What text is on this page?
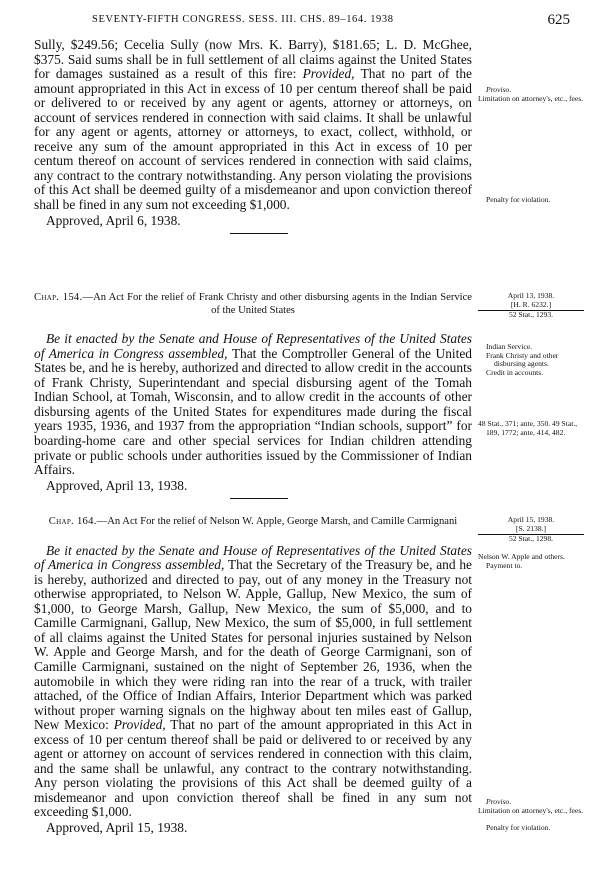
SEVENTY-FIFTH CONGRESS. SESS. III. CHS. 89–164. 1938	625

Sully, $249.56; Cecelia Sully (now Mrs. K. Barry), $181.65; L. D. McGhee, $375. Said sums shall be in full settlement of all claims against the United States for damages sustained as a result of this fire: Provided, That no part of the amount appropriated in this Act in excess of 10 per centum thereof shall be paid or delivered to or received by any agent or agents, attorney or attorneys, on account of services rendered in connection with said claims. It shall be unlawful for any agent or agents, attorney or attorneys, to exact, collect, withhold, or receive any sum of the amount appropriated in this Act in excess of 10 per centum thereof on account of services rendered in connection with said claims, any contract to the contrary notwithstanding. Any person violating the provisions of this Act shall be deemed guilty of a misdemeanor and upon conviction thereof shall be fined in any sum not exceeding $1,000.

Approved, April 6, 1938.

Chap. 154.—An Act For the relief of Frank Christy and other disbursing agents in the Indian Service of the United States

Be it enacted by the Senate and House of Representatives of the United States of America in Congress assembled, That the Comptroller General of the United States be, and he is hereby, authorized and directed to allow credit in the accounts of Frank Christy, Superintendant and special disbursing agent of the Tomah Indian School, at Tomah, Wisconsin, and to allow credit in the accounts of other disbursing agents of the United States for expenditures made during the fiscal years 1935, 1936, and 1937 from the appropriation “Indian schools, support” for boarding-home care and other special services for Indian children attending private or public schools under authorities issued by the Commissioner of Indian Affairs.

Approved, April 13, 1938.

Chap. 164.—An Act For the relief of Nelson W. Apple, George Marsh, and Camille Carmignani

Be it enacted by the Senate and House of Representatives of the United States of America in Congress assembled, That the Secretary of the Treasury be, and he is hereby, authorized and directed to pay, out of any money in the Treasury not otherwise appropriated, to Nelson W. Apple, Gallup, New Mexico, the sum of $1,000, to George Marsh, Gallup, New Mexico, the sum of $5,000, and to Camille Carmignani, Gallup, New Mexico, the sum of $5,000, in full settlement of all claims against the United States for personal injuries sustained by Nelson W. Apple and George Marsh, and for the death of George Carmignani, son of Camille Carmignani, sustained on the night of September 26, 1936, when the automobile in which they were riding ran into the rear of a truck, with trailer attached, of the Office of Indian Affairs, Interior Department which was parked without proper warning signals on the highway about ten miles east of Gallup, New Mexico: Provided, That no part of the amount appropriated in this Act in excess of 10 per centum thereof shall be paid or delivered to or received by any agent or attorney on account of services rendered in connection with this claim, and the same shall be unlawful, any contract to the contrary notwithstanding. Any person violating the provisions of this Act shall be deemed guilty of a misdemeanor and upon conviction thereof shall be fined in any sum not exceeding $1,000.

Approved, April 15, 1938.

Proviso.
Limitation on attorney's, etc., fees.
Penalty for violation.
April 13, 1938.
[H. R. 6232.]
52 Stat., 1293.
Indian Service.
Frank Christy and other disbursing agents.
Credit in accounts.
48 Stat., 371; ante, 350. 49 Stat., 189, 1772; ante, 414, 482.
April 15, 1938.
[S. 2138.]
52 Stat., 1298.
Nelson W. Apple and others.
Payment to.
Proviso.
Limitation on attorney's, etc., fees.
Penalty for violation.
